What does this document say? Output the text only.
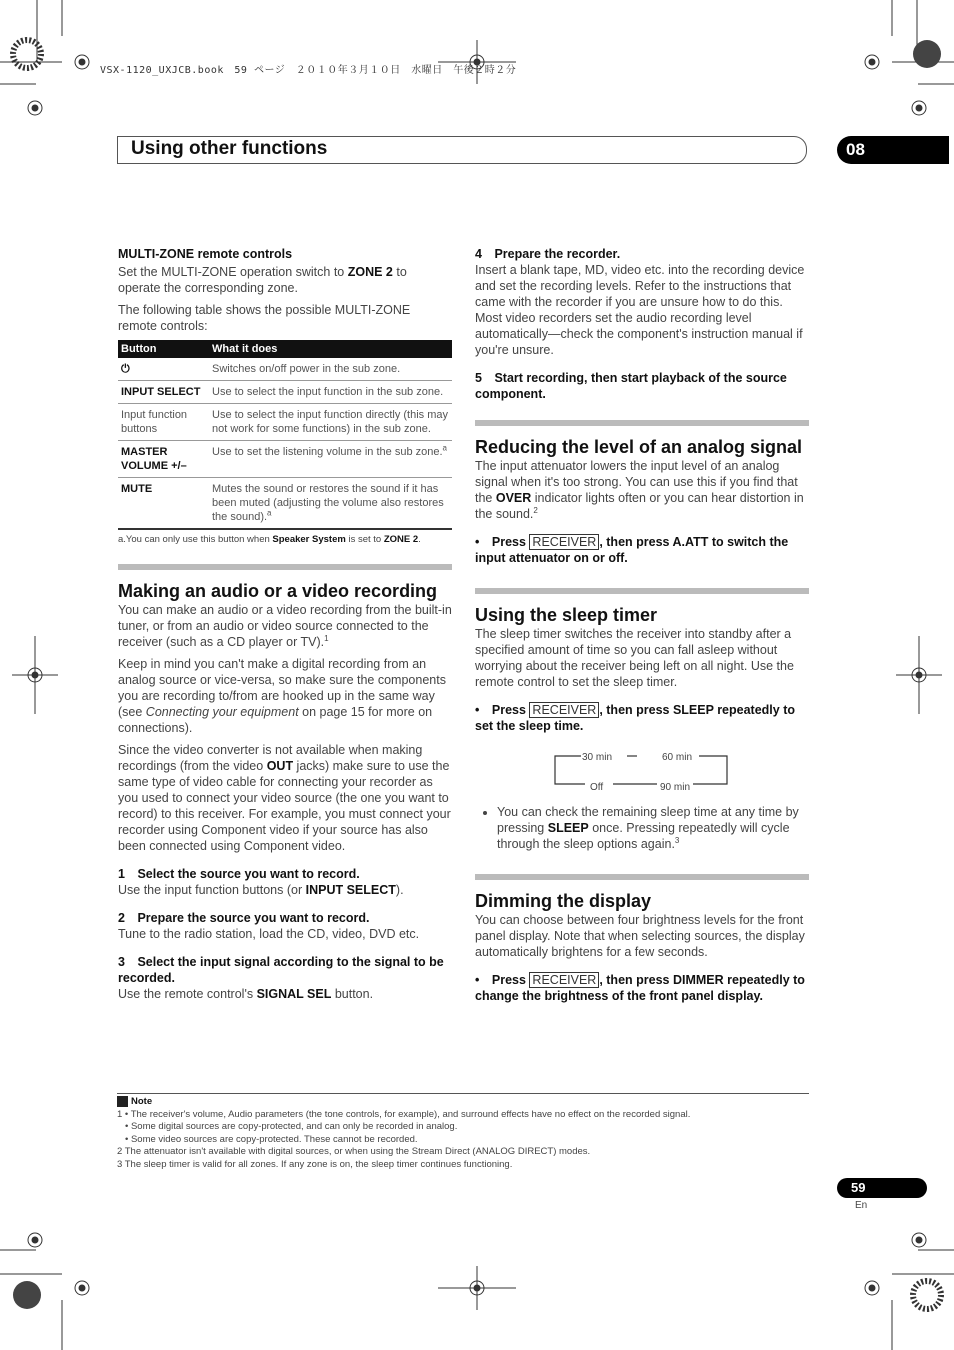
VSX-1120_UXJCB.book　59 ページ　２０１０年３月１０日　水曜日　午後２時２分
Using other functions	08

MULTI-ZONE remote controls

Set the MULTI-ZONE operation switch to ZONE 2 to operate the corresponding zone.

The following table shows the possible MULTI-ZONE remote controls:

Button	What it does
⏻	Switches on/off power in the sub zone.
INPUT SELECT	Use to select the input function in the sub zone.
Input function buttons	Use to select the input function directly (this may not work for some functions) in the sub zone.
MASTER VOLUME +/–	Use to set the listening volume in the sub zone.$^a$
MUTE	Mutes the sound or restores the sound if it has been muted (adjusting the volume also restores the sound).$^a$
a.You can only use this button when Speaker System is set to ZONE 2.
Making an audio or a video recording

You can make an audio or a video recording from the built-in tuner, or from an audio or video source connected to the receiver (such as a CD player or TV).$^1$

Keep in mind you can't make a digital recording from an analog source or vice-versa, so make sure the components you are recording to/from are hooked up in the same way (see Connecting your equipment on page 15 for more on connections).

Since the video converter is not available when making recordings (from the video OUT jacks) make sure to use the same type of video cable for connecting your recorder as you used to connect your video source (the one you want to record) to this receiver. For example, you must connect your recorder using Component video if your source has also been connected using Component video.

1　Select the source you want to record.

Use the input function buttons (or INPUT SELECT).

2　Prepare the source you want to record.

Tune to the radio station, load the CD, video, DVD etc.

3　Select the input signal according to the signal to be recorded.

Use the remote control's SIGNAL SEL button.

4　Prepare the recorder.

Insert a blank tape, MD, video etc. into the recording device and set the recording levels. Refer to the instructions that came with the recorder if you are unsure how to do this. Most video recorders set the audio recording level automatically—check the component's instruction manual if you're unsure.

5　Start recording, then start playback of the source component.

Reducing the level of an analog signal

The input attenuator lowers the input level of an analog signal when it's too strong. You can use this if you find that the OVER indicator lights often or you can hear distortion in the sound.$^2$

•　Press RECEIVER , then press A.ATT to switch the input attenuator on or off.

Using the sleep timer

The sleep timer switches the receiver into standby after a specified amount of time so you can fall asleep without worrying about the receiver being left on all night. Use the remote control to set the sleep timer.

•　Press RECEIVER , then press SLEEP repeatedly to set the sleep time.

30 min	60 min
Off	90 min
• You can check the remaining sleep time at any time by pressing SLEEP once. Pressing repeatedly will cycle through the sleep options again.$^3$
Dimming the display

You can choose between four brightness levels for the front panel display. Note that when selecting sources, the display automatically brightens for a few seconds.

•　Press RECEIVER , then press DIMMER repeatedly to change the brightness of the front panel display.

Note
1 • The receiver's volume, Audio parameters (the tone controls, for example), and surround effects have no effect on the recorded signal.
• Some digital sources are copy-protected, and can only be recorded in analog.
• Some video sources are copy-protected. These cannot be recorded.
2 The attenuator isn't available with digital sources, or when using the Stream Direct (ANALOG DIRECT) modes.
3 The sleep timer is valid for all zones. If any zone is on, the sleep timer continues functioning.
59
En
